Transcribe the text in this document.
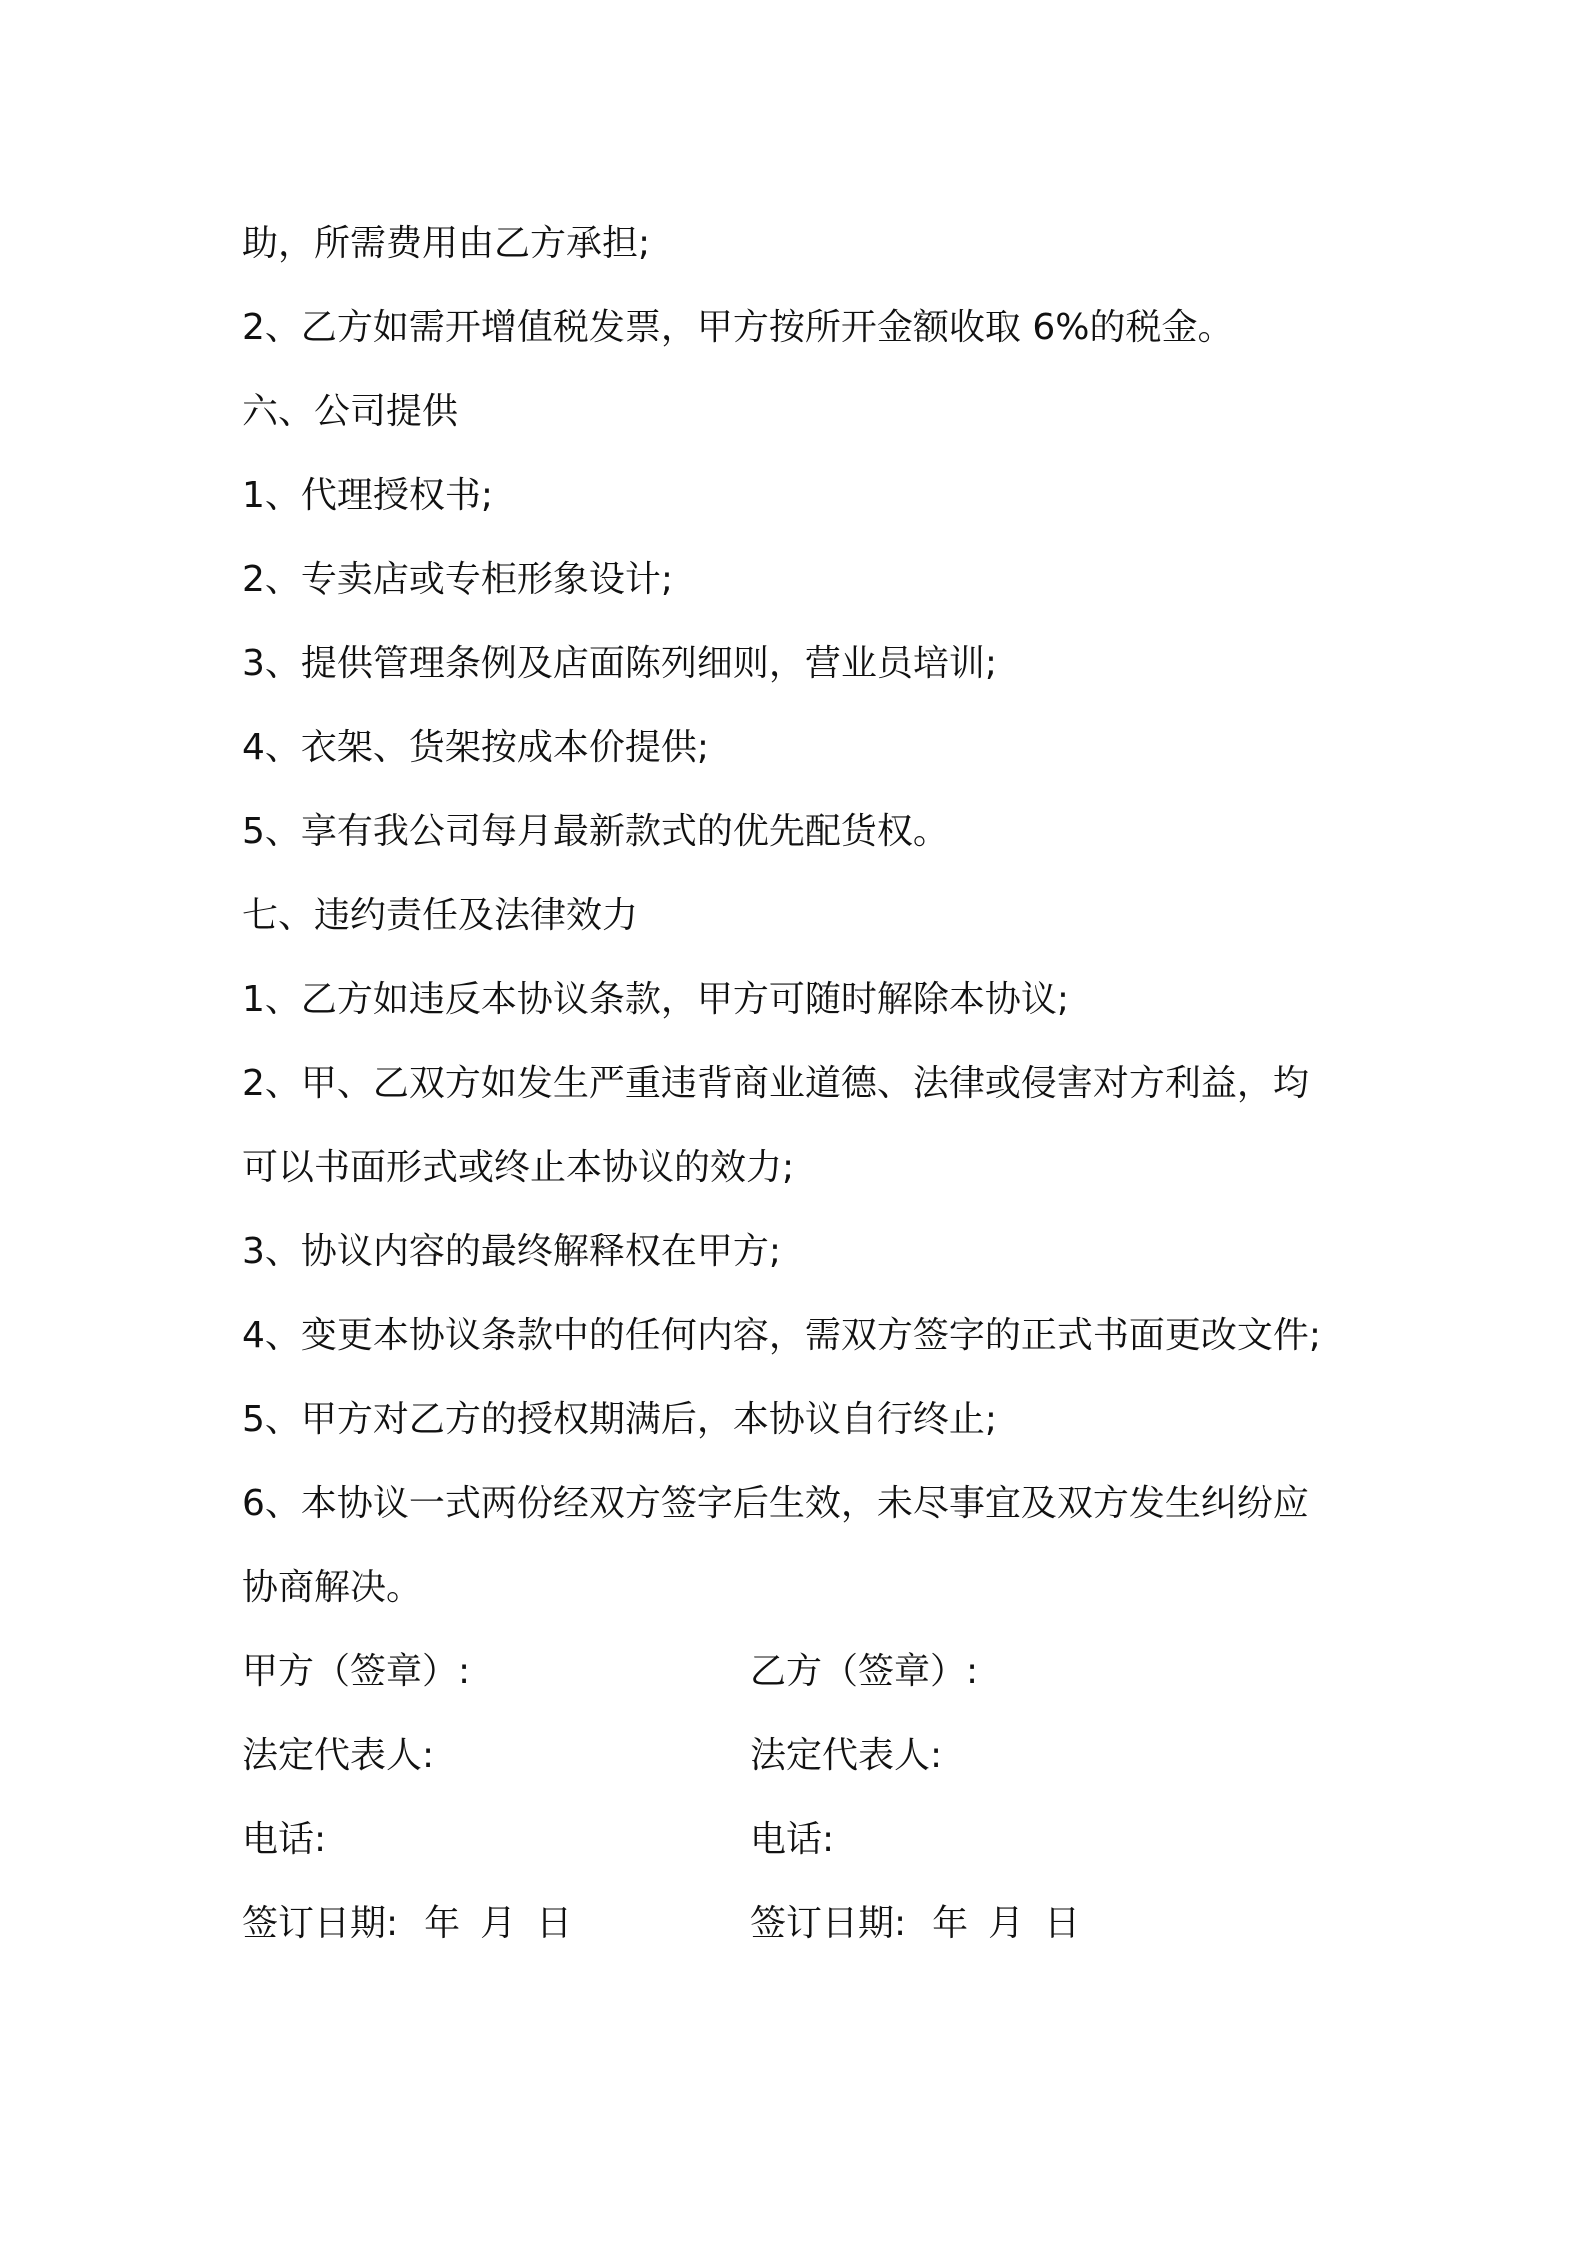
助，所需费用由乙方承担;
2、乙方如需开增值税发票，甲方按所开金额收取 6%的税金。
六、公司提供
1、代理授权书;
2、专卖店或专柜形象设计;
3、提供管理条例及店面陈列细则，营业员培训;
4、衣架、货架按成本价提供;
5、享有我公司每月最新款式的优先配货权。
七、违约责任及法律效力
1、乙方如违反本协议条款，甲方可随时解除本协议;
2、甲、乙双方如发生严重违背商业道德、法律或侵害对方利益，均
可以书面形式或终止本协议的效力;
3、协议内容的最终解释权在甲方;
4、变更本协议条款中的任何内容，需双方签字的正式书面更改文件;
5、甲方对乙方的授权期满后，本协议自行终止;
6、本协议一式两份经双方签字后生效，未尽事宜及双方发生纠纷应
协商解决。
甲方（签章）:	乙方（签章）:
法定代表人:	法定代表人:
电话:	电话:
签订日期: 年 月 日	签订日期: 年 月 日
